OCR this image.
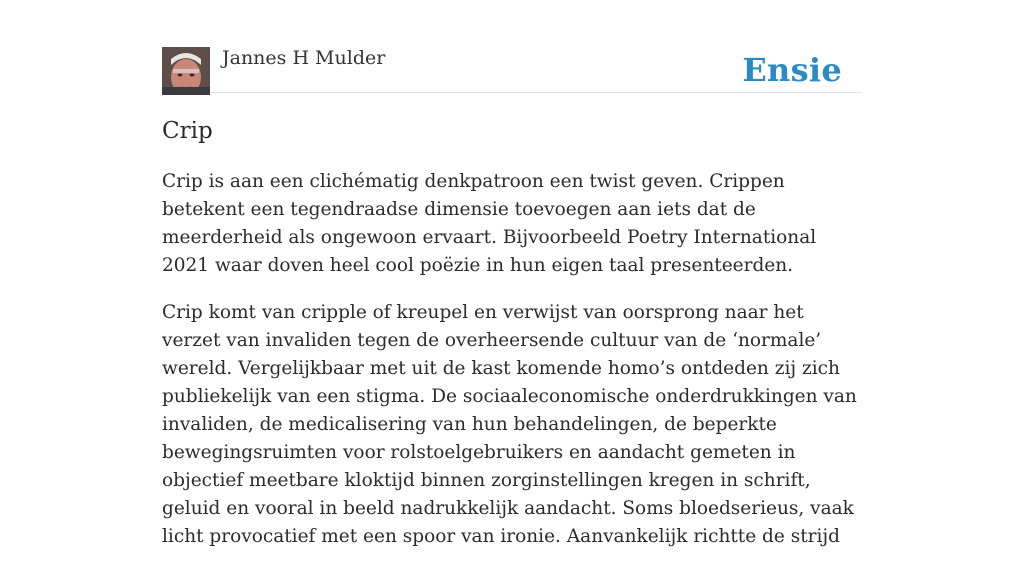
Jannes H Mulder	Ensie
Crip

Crip is aan een clichématig denkpatroon een twist geven. Crippen betekent een tegendraadse dimensie toevoegen aan iets dat de meerderheid als ongewoon ervaart. Bijvoorbeeld Poetry International 2021 waar doven heel cool poëzie in hun eigen taal presenteerden.

Crip komt van cripple of kreupel en verwijst van oorsprong naar het verzet van invaliden tegen de overheersende cultuur van de ‘normale’ wereld. Vergelijkbaar met uit de kast komende homo’s ontdeden zij zich publiekelijk van een stigma. De sociaaleconomische onderdrukkingen van invaliden, de medicalisering van hun behandelingen, de beperkte bewegingsruimten voor rolstoelgebruikers en aandacht gemeten in objectief meetbare kloktijd binnen zorginstellingen kregen in schrift, geluid en vooral in beeld nadrukkelijk aandacht. Soms bloedserieus, vaak licht provocatief met een spoor van ironie. Aanvankelijk richtte de strijd
